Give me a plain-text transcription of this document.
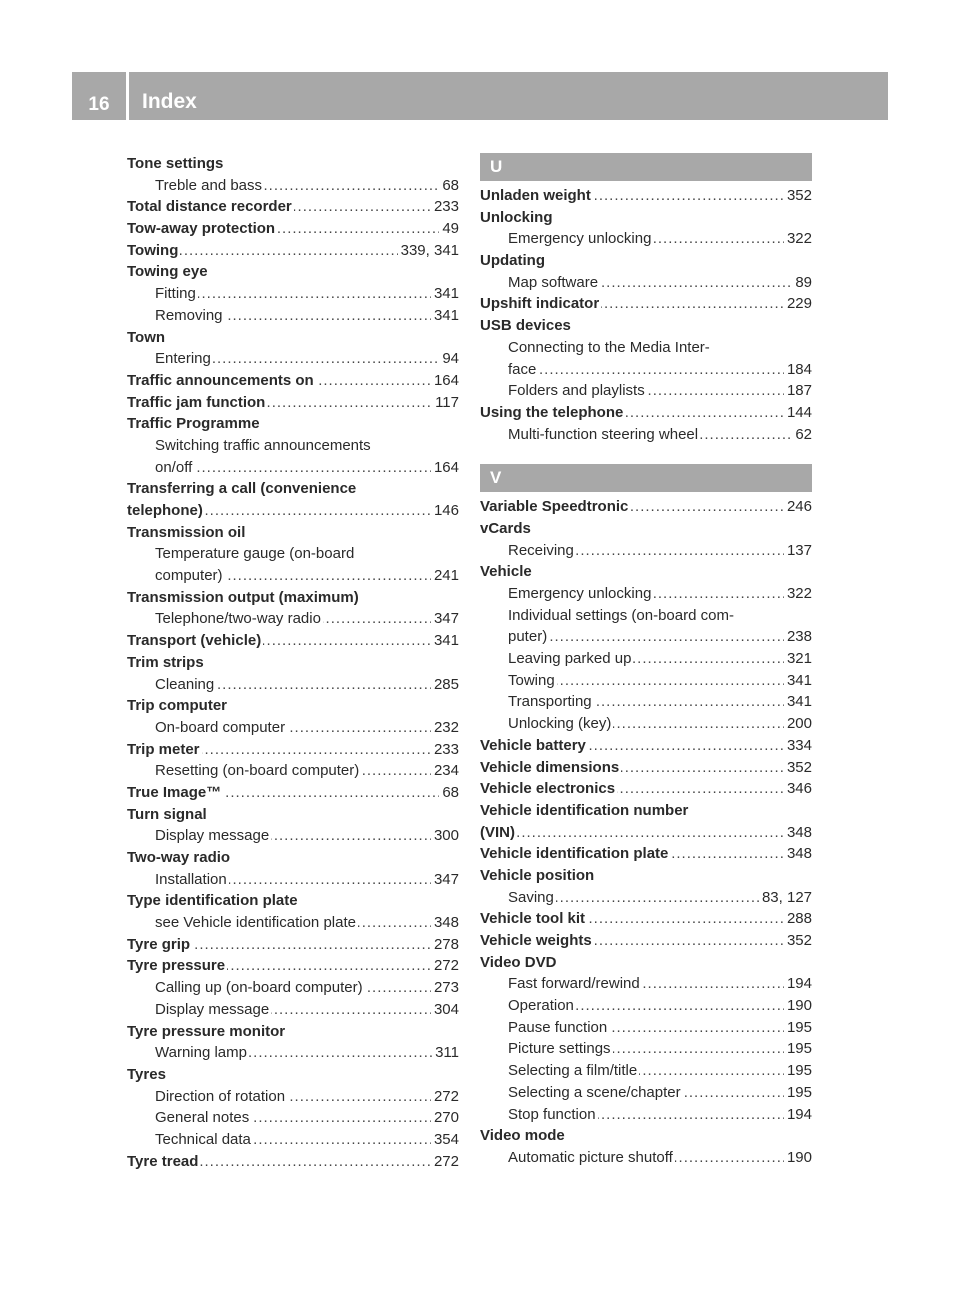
16	Index
Tone settings
Treble and bass	68
.....
Total distance recorder	233
.....
Tow-away protection	49
.....
Towing	339, 341
.....
Towing eye
Fitting	341
.....
Removing	341
.....
Town
Entering	94
.....
Traffic announcements on	164
.....
Traffic jam function	117
.....
Traffic Programme
Switching traffic announcements
on/off	164
.....
Transferring a call (convenience
telephone)	146
.....
Transmission oil
Temperature gauge (on-board
computer)	241
.....
Transmission output (maximum)
Telephone/two-way radio	347
.....
Transport (vehicle)	341
.....
Trim strips
Cleaning	285
.....
Trip computer
On-board computer	232
.....
Trip meter	233
.....
Resetting (on-board computer)	234
.....
True Image™	68
.....
Turn signal
Display message	300
.....
Two-way radio
Installation	347
.....
Type identification plate
see Vehicle identification plate	348
.....
Tyre grip	278
.....
Tyre pressure	272
.....
Calling up (on-board computer)	273
.....
Display message	304
.....
Tyre pressure monitor
Warning lamp	311
.....
Tyres
Direction of rotation	272
.....
General notes	270
.....
Technical data	354
.....
Tyre tread	272
.....
U
Unladen weight	352
.....
Unlocking
Emergency unlocking	322
.....
Updating
Map software	89
.....
Upshift indicator	229
.....
USB devices
Connecting to the Media Inter-
face	184
.....
Folders and playlists	187
.....
Using the telephone	144
.....
Multi-function steering wheel	62
.....
V
Variable Speedtronic	246
.....
vCards
Receiving	137
.....
Vehicle
Emergency unlocking	322
.....
Individual settings (on-board com-
puter)	238
.....
Leaving parked up	321
.....
Towing	341
.....
Transporting	341
.....
Unlocking (key)	200
.....
Vehicle battery	334
.....
Vehicle dimensions	352
.....
Vehicle electronics	346
.....
Vehicle identification number
(VIN)	348
.....
Vehicle identification plate	348
.....
Vehicle position
Saving	83, 127
.....
Vehicle tool kit	288
.....
Vehicle weights	352
.....
Video DVD
Fast forward/rewind	194
.....
Operation	190
.....
Pause function	195
.....
Picture settings	195
.....
Selecting a film/title	195
.....
Selecting a scene/chapter	195
.....
Stop function	194
.....
Video mode
Automatic picture shutoff	190
.....
